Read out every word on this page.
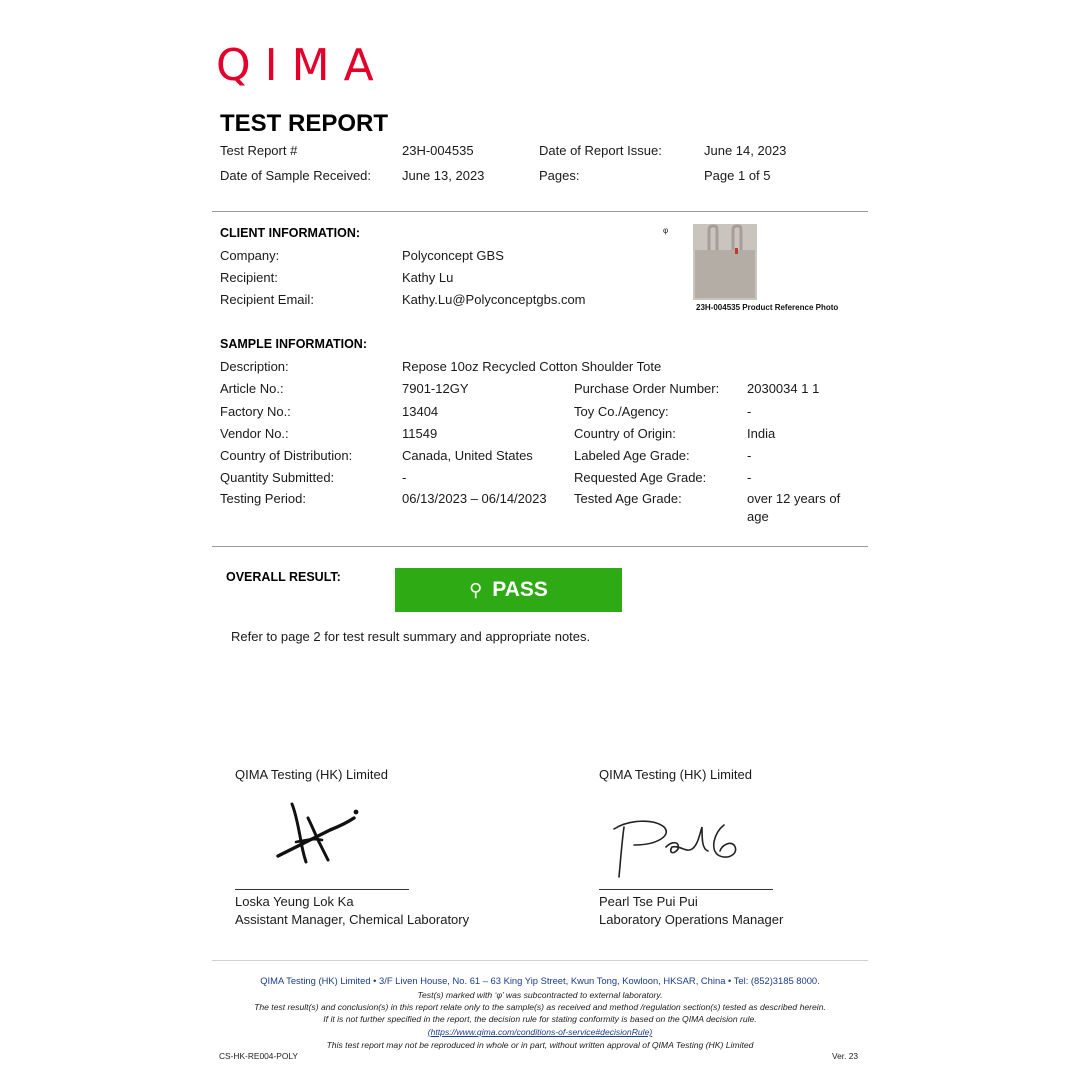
QIMA
TEST REPORT
Test Report #	23H-004535	Date of Report Issue:	June 14, 2023
Date of Sample Received: June 13, 2023	Pages:	Page 1 of 5
CLIENT INFORMATION:
Company:	Polyconcept GBS
Recipient:	Kathy Lu
Recipient Email:	Kathy.Lu@Polyconceptgbs.com
φ
23H-004535 Product Reference Photo
SAMPLE INFORMATION:
Description:	Repose 10oz Recycled Cotton Shoulder Tote
Article No.:	7901-12GY	Purchase Order Number: 2030034 1 1
Factory No.:	13404	Toy Co./Agency:	-
Vendor No.:	11549	Country of Origin:	India
Country of Distribution:	Canada, United States	Labeled Age Grade:	-
Quantity Submitted:	-	Requested Age Grade:	-
Testing Period:	06/13/2023 – 06/14/2023 Tested Age Grade:	over 12 years of
age
OVERALL RESULT:
⚲ PASS
Refer to page 2 for test result summary and appropriate notes.
QIMA Testing (HK) Limited	QIMA Testing (HK) Limited
Loska Yeung Lok Ka
Assistant Manager, Chemical Laboratory
Pearl Tse Pui Pui
Laboratory Operations Manager
QIMA Testing (HK) Limited • 3/F Liven House, No. 61 – 63 King Yip Street, Kwun Tong, Kowloon, HKSAR, China • Tel: (852)3185 8000.
Test(s) marked with ‘φ’ was subcontracted to external laboratory.
The test result(s) and conclusion(s) in this report relate only to the sample(s) as received and method /regulation section(s) tested as described herein.
If it is not further specified in the report, the decision rule for stating conformity is based on the QIMA decision rule.
(https://www.qima.com/conditions-of-service#decisionRule)
This test report may not be reproduced in whole or in part, without written approval of QIMA Testing (HK) Limited
CS-HK-RE004-POLY	Ver. 23
